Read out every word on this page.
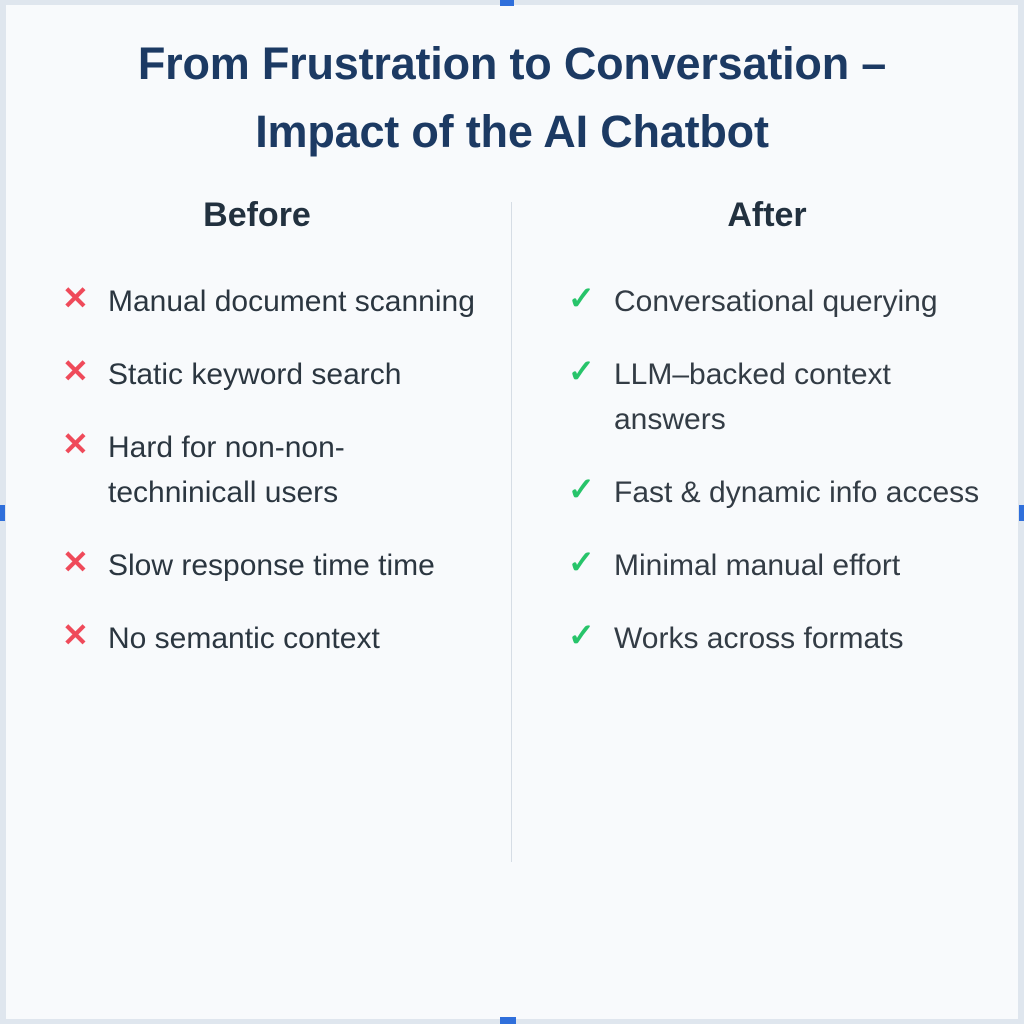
From Frustration to Conversation – Impact of the AI Chatbot
Before
✕ Manual document scanning
✕ Static keyword search
✕ Hard for non-non-techninicall users
✕ Slow response time time
✕ No semantic context
After
✓ Conversational querying
✓ LLM–backed context answers
✓ Fast & dynamic info access
✓ Minimal manual effort
✓ Works across formats
